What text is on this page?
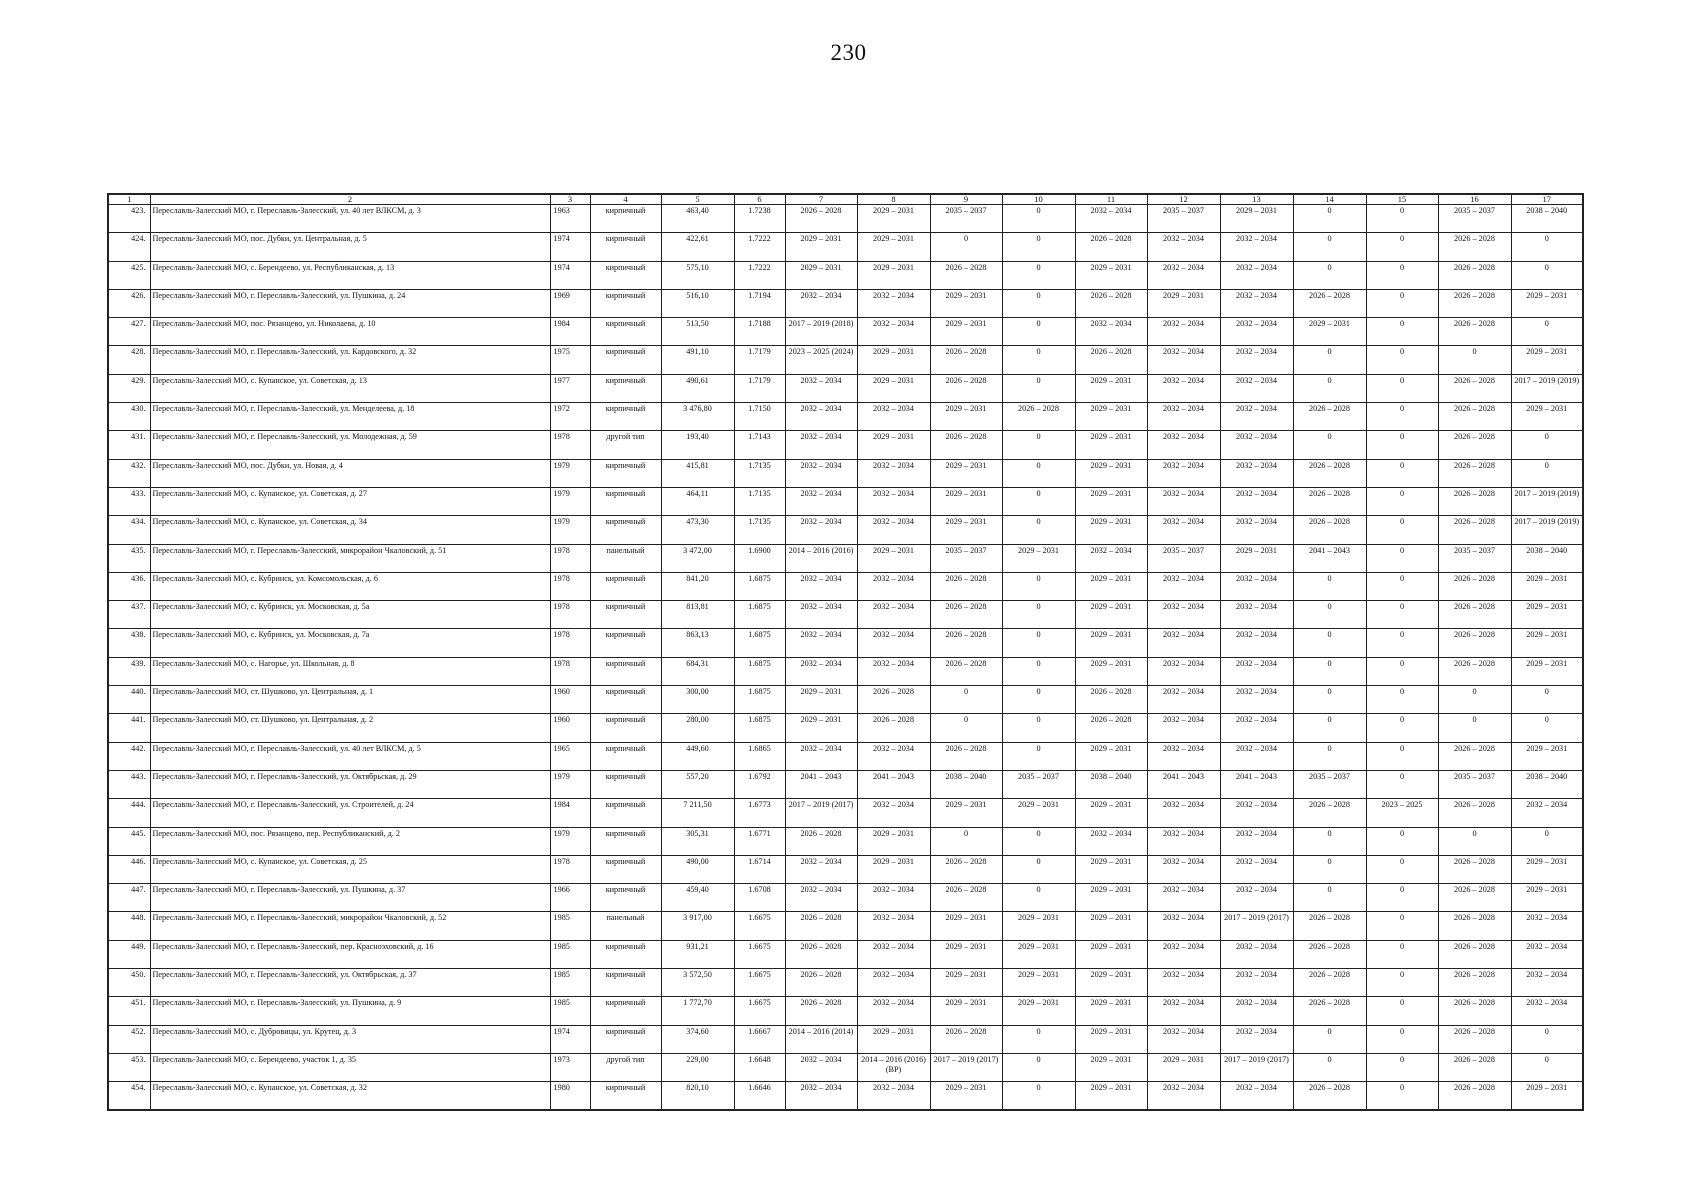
230
1	2	3	4	5	6	7	8	9	10	11	12	13	14	15	16	17
423.	Переславль-Залесский МО, г. Переславль-Залесский, ул. 40 лет ВЛКСМ, д. 3	1963	кирпичный	463,40	1.7238	2026 – 2028	2029 – 2031	2035 – 2037	0	2032 – 2034	2035 – 2037	2029 – 2031	0	0	2035 – 2037	2038 – 2040
424.	Переславль-Залесский МО, пос. Дубки, ул. Центральная, д. 5	1974	кирпичный	422,61	1.7222	2029 – 2031	2029 – 2031	0	0	2026 – 2028	2032 – 2034	2032 – 2034	0	0	2026 – 2028	0
425.	Переславль-Залесский МО, с. Берендеево, ул. Республиканская, д. 13	1974	кирпичный	575,10	1.7222	2029 – 2031	2029 – 2031	2026 – 2028	0	2029 – 2031	2032 – 2034	2032 – 2034	0	0	2026 – 2028	0
426.	Переславль-Залесский МО, г. Переславль-Залесский, ул. Пушкина, д. 24	1969	кирпичный	516,10	1.7194	2032 – 2034	2032 – 2034	2029 – 2031	0	2026 – 2028	2029 – 2031	2032 – 2034	2026 – 2028	0	2026 – 2028	2029 – 2031
427.	Переславль-Залесский МО, пос. Рязанцево, ул. Николаева, д. 10	1984	кирпичный	513,50	1.7188	2017 – 2019 (2018)	2032 – 2034	2029 – 2031	0	2032 – 2034	2032 – 2034	2032 – 2034	2029 – 2031	0	2026 – 2028	0
428.	Переславль-Залесский МО, г. Переславль-Залесский, ул. Кардовского, д. 32	1975	кирпичный	491,10	1.7179	2023 – 2025 (2024)	2029 – 2031	2026 – 2028	0	2026 – 2028	2032 – 2034	2032 – 2034	0	0	0	2029 – 2031
429.	Переславль-Залесский МО, с. Купанское, ул. Советская, д. 13	1977	кирпичный	490,61	1.7179	2032 – 2034	2029 – 2031	2026 – 2028	0	2029 – 2031	2032 – 2034	2032 – 2034	0	0	2026 – 2028	2017 – 2019 (2019)
430.	Переславль-Залесский МО, г. Переславль-Залесский, ул. Менделеева, д. 18	1972	кирпичный	3 476,80	1.7150	2032 – 2034	2032 – 2034	2029 – 2031	2026 – 2028	2029 – 2031	2032 – 2034	2032 – 2034	2026 – 2028	0	2026 – 2028	2029 – 2031
431.	Переславль-Залесский МО, г. Переславль-Залесский, ул. Молодежная, д. 59	1978	другой тип	193,40	1.7143	2032 – 2034	2029 – 2031	2026 – 2028	0	2029 – 2031	2032 – 2034	2032 – 2034	0	0	2026 – 2028	0
432.	Переславль-Залесский МО, пос. Дубки, ул. Новая, д. 4	1979	кирпичный	415,81	1.7135	2032 – 2034	2032 – 2034	2029 – 2031	0	2029 – 2031	2032 – 2034	2032 – 2034	2026 – 2028	0	2026 – 2028	0
433.	Переславль-Залесский МО, с. Купанское, ул. Советская, д. 27	1979	кирпичный	464,11	1.7135	2032 – 2034	2032 – 2034	2029 – 2031	0	2029 – 2031	2032 – 2034	2032 – 2034	2026 – 2028	0	2026 – 2028	2017 – 2019 (2019)
434.	Переславль-Залесский МО, с. Купанское, ул. Советская, д. 34	1979	кирпичный	473,30	1.7135	2032 – 2034	2032 – 2034	2029 – 2031	0	2029 – 2031	2032 – 2034	2032 – 2034	2026 – 2028	0	2026 – 2028	2017 – 2019 (2019)
435.	Переславль-Залесский МО, г. Переславль-Залесский, микрорайон Чкаловский, д. 51	1978	панельный	3 472,00	1.6900	2014 – 2016 (2016)	2029 – 2031	2035 – 2037	2029 – 2031	2032 – 2034	2035 – 2037	2029 – 2031	2041 – 2043	0	2035 – 2037	2038 – 2040
436.	Переславль-Залесский МО, с. Кубринск, ул. Комсомольская, д. 6	1978	кирпичный	841,20	1.6875	2032 – 2034	2032 – 2034	2026 – 2028	0	2029 – 2031	2032 – 2034	2032 – 2034	0	0	2026 – 2028	2029 – 2031
437.	Переславль-Залесский МО, с. Кубринск, ул. Московская, д. 5а	1978	кирпичный	813,81	1.6875	2032 – 2034	2032 – 2034	2026 – 2028	0	2029 – 2031	2032 – 2034	2032 – 2034	0	0	2026 – 2028	2029 – 2031
438.	Переславль-Залесский МО, с. Кубринск, ул. Московская, д. 7а	1978	кирпичный	863,13	1.6875	2032 – 2034	2032 – 2034	2026 – 2028	0	2029 – 2031	2032 – 2034	2032 – 2034	0	0	2026 – 2028	2029 – 2031
439.	Переславль-Залесский МО, с. Нагорье, ул. Школьная, д. 8	1978	кирпичный	684,31	1.6875	2032 – 2034	2032 – 2034	2026 – 2028	0	2029 – 2031	2032 – 2034	2032 – 2034	0	0	2026 – 2028	2029 – 2031
440.	Переславль-Залесский МО, ст. Шушково, ул. Центральная, д. 1	1960	кирпичный	300,00	1.6875	2029 – 2031	2026 – 2028	0	0	2026 – 2028	2032 – 2034	2032 – 2034	0	0	0	0
441.	Переславль-Залесский МО, ст. Шушково, ул. Центральная, д. 2	1960	кирпичный	280,00	1.6875	2029 – 2031	2026 – 2028	0	0	2026 – 2028	2032 – 2034	2032 – 2034	0	0	0	0
442.	Переславль-Залесский МО, г. Переславль-Залесский, ул. 40 лет ВЛКСМ, д. 5	1965	кирпичный	449,60	1.6865	2032 – 2034	2032 – 2034	2026 – 2028	0	2029 – 2031	2032 – 2034	2032 – 2034	0	0	2026 – 2028	2029 – 2031
443.	Переславль-Залесский МО, г. Переславль-Залесский, ул. Октябрьская, д. 29	1979	кирпичный	557,20	1.6792	2041 – 2043	2041 – 2043	2038 – 2040	2035 – 2037	2038 – 2040	2041 – 2043	2041 – 2043	2035 – 2037	0	2035 – 2037	2038 – 2040
444.	Переславль-Залесский МО, г. Переславль-Залесский, ул. Строителей, д. 24	1984	кирпичный	7 211,50	1.6773	2017 – 2019 (2017)	2032 – 2034	2029 – 2031	2029 – 2031	2029 – 2031	2032 – 2034	2032 – 2034	2026 – 2028	2023 – 2025	2026 – 2028	2032 – 2034
445.	Переславль-Залесский МО, пос. Рязанцево, пер. Республиканский, д. 2	1979	кирпичный	305,31	1.6771	2026 – 2028	2029 – 2031	0	0	2032 – 2034	2032 – 2034	2032 – 2034	0	0	0	0
446.	Переславль-Залесский МО, с. Купанское, ул. Советская, д. 25	1978	кирпичный	490,00	1.6714	2032 – 2034	2029 – 2031	2026 – 2028	0	2029 – 2031	2032 – 2034	2032 – 2034	0	0	2026 – 2028	2029 – 2031
447.	Переславль-Залесский МО, г. Переславль-Залесский, ул. Пушкина, д. 37	1966	кирпичный	459,40	1.6708	2032 – 2034	2032 – 2034	2026 – 2028	0	2029 – 2031	2032 – 2034	2032 – 2034	0	0	2026 – 2028	2029 – 2031
448.	Переславль-Залесский МО, г. Переславль-Залесский, микрорайон Чкаловский, д. 52	1985	панельный	3 917,00	1.6675	2026 – 2028	2032 – 2034	2029 – 2031	2029 – 2031	2029 – 2031	2032 – 2034	2017 – 2019 (2017)	2026 – 2028	0	2026 – 2028	2032 – 2034
449.	Переславль-Залесский МО, г. Переславль-Залесский, пер. Красноэховский, д. 16	1985	кирпичный	931,21	1.6675	2026 – 2028	2032 – 2034	2029 – 2031	2029 – 2031	2029 – 2031	2032 – 2034	2032 – 2034	2026 – 2028	0	2026 – 2028	2032 – 2034
450.	Переславль-Залесский МО, г. Переславль-Залесский, ул. Октябрьская, д. 37	1985	кирпичный	3 572,50	1.6675	2026 – 2028	2032 – 2034	2029 – 2031	2029 – 2031	2029 – 2031	2032 – 2034	2032 – 2034	2026 – 2028	0	2026 – 2028	2032 – 2034
451.	Переславль-Залесский МО, г. Переславль-Залесский, ул. Пушкина, д. 9	1985	кирпичный	1 772,70	1.6675	2026 – 2028	2032 – 2034	2029 – 2031	2029 – 2031	2029 – 2031	2032 – 2034	2032 – 2034	2026 – 2028	0	2026 – 2028	2032 – 2034
452.	Переславль-Залесский МО, с. Дубровицы, ул. Крутец, д. 3	1974	кирпичный	374,60	1.6667	2014 – 2016 (2014)	2029 – 2031	2026 – 2028	0	2029 – 2031	2032 – 2034	2032 – 2034	0	0	2026 – 2028	0
453.	Переславль-Залесский МО, с. Берендеево, участок 1, д. 35	1973	другой тип	229,00	1.6648	2032 – 2034	2014 – 2016 (2016) (ВР)	2017 – 2019 (2017)	0	2029 – 2031	2029 – 2031	2017 – 2019 (2017)	0	0	2026 – 2028	0
454.	Переславль-Залесский МО, с. Купанское, ул. Советская, д. 32	1980	кирпичный	820,10	1.6646	2032 – 2034	2032 – 2034	2029 – 2031	0	2029 – 2031	2032 – 2034	2032 – 2034	2026 – 2028	0	2026 – 2028	2029 – 2031
